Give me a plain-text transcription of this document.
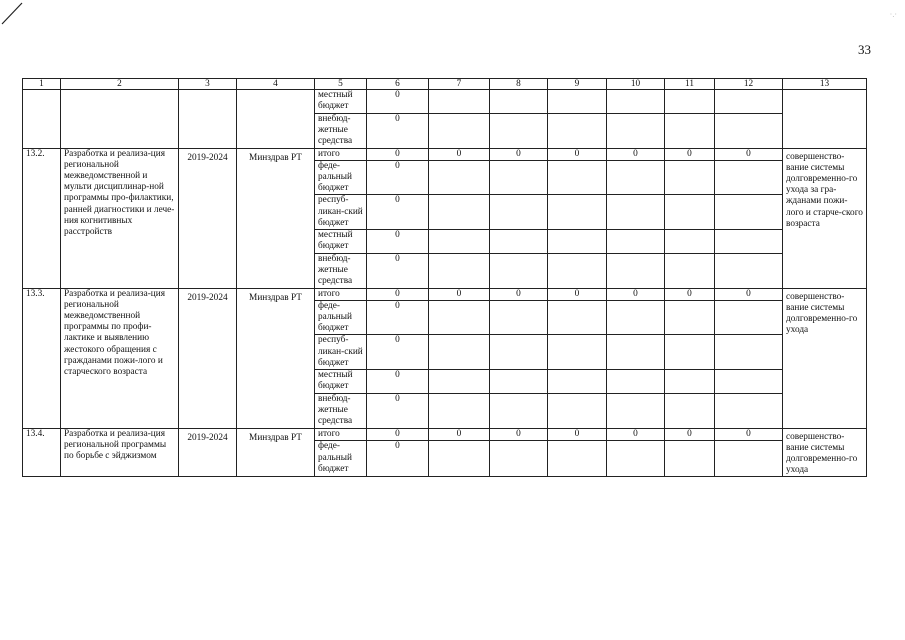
·.·
33
1	2	3	4	5	6	7	8	9	10	11	12	13
				местный бюджет	0							
				внебюд-жетные средства	0							
13.2.	Разработка и реализа-ция региональной межведомственной и мульти дисциплинар-ной программы про-филактики, ранней диагностики и лече-ния когнитивных расстройств	2019-2024	Минздрав РТ	итого	0	0	0	0	0	0	0	совершенство-вание системы долговременно-го ухода за гра-жданами пожи-лого и старче-ского возраста
				феде-ральный бюджет	0							
				респуб-ликан-ский бюджет	0							
				местный бюджет	0							
				внебюд-жетные средства	0							
13.3.	Разработка и реализа-ция региональной межведомственной программы по профи-лактике и выявлению жестокого обращения с гражданами пожи-лого и старческого возраста	2019-2024	Минздрав РТ	итого	0	0	0	0	0	0	0	совершенство-вание системы долговременно-го ухода
				феде-ральный бюджет	0							
				респуб-ликан-ский бюджет	0							
				местный бюджет	0							
				внебюд-жетные средства	0							
13.4.	Разработка и реализа-ция региональной программы по борьбе с эйджизмом	2019-2024	Минздрав РТ	итого	0	0	0	0	0	0	0	совершенство-вание системы долговременно-го ухода
				феде-ральный бюджет	0							
